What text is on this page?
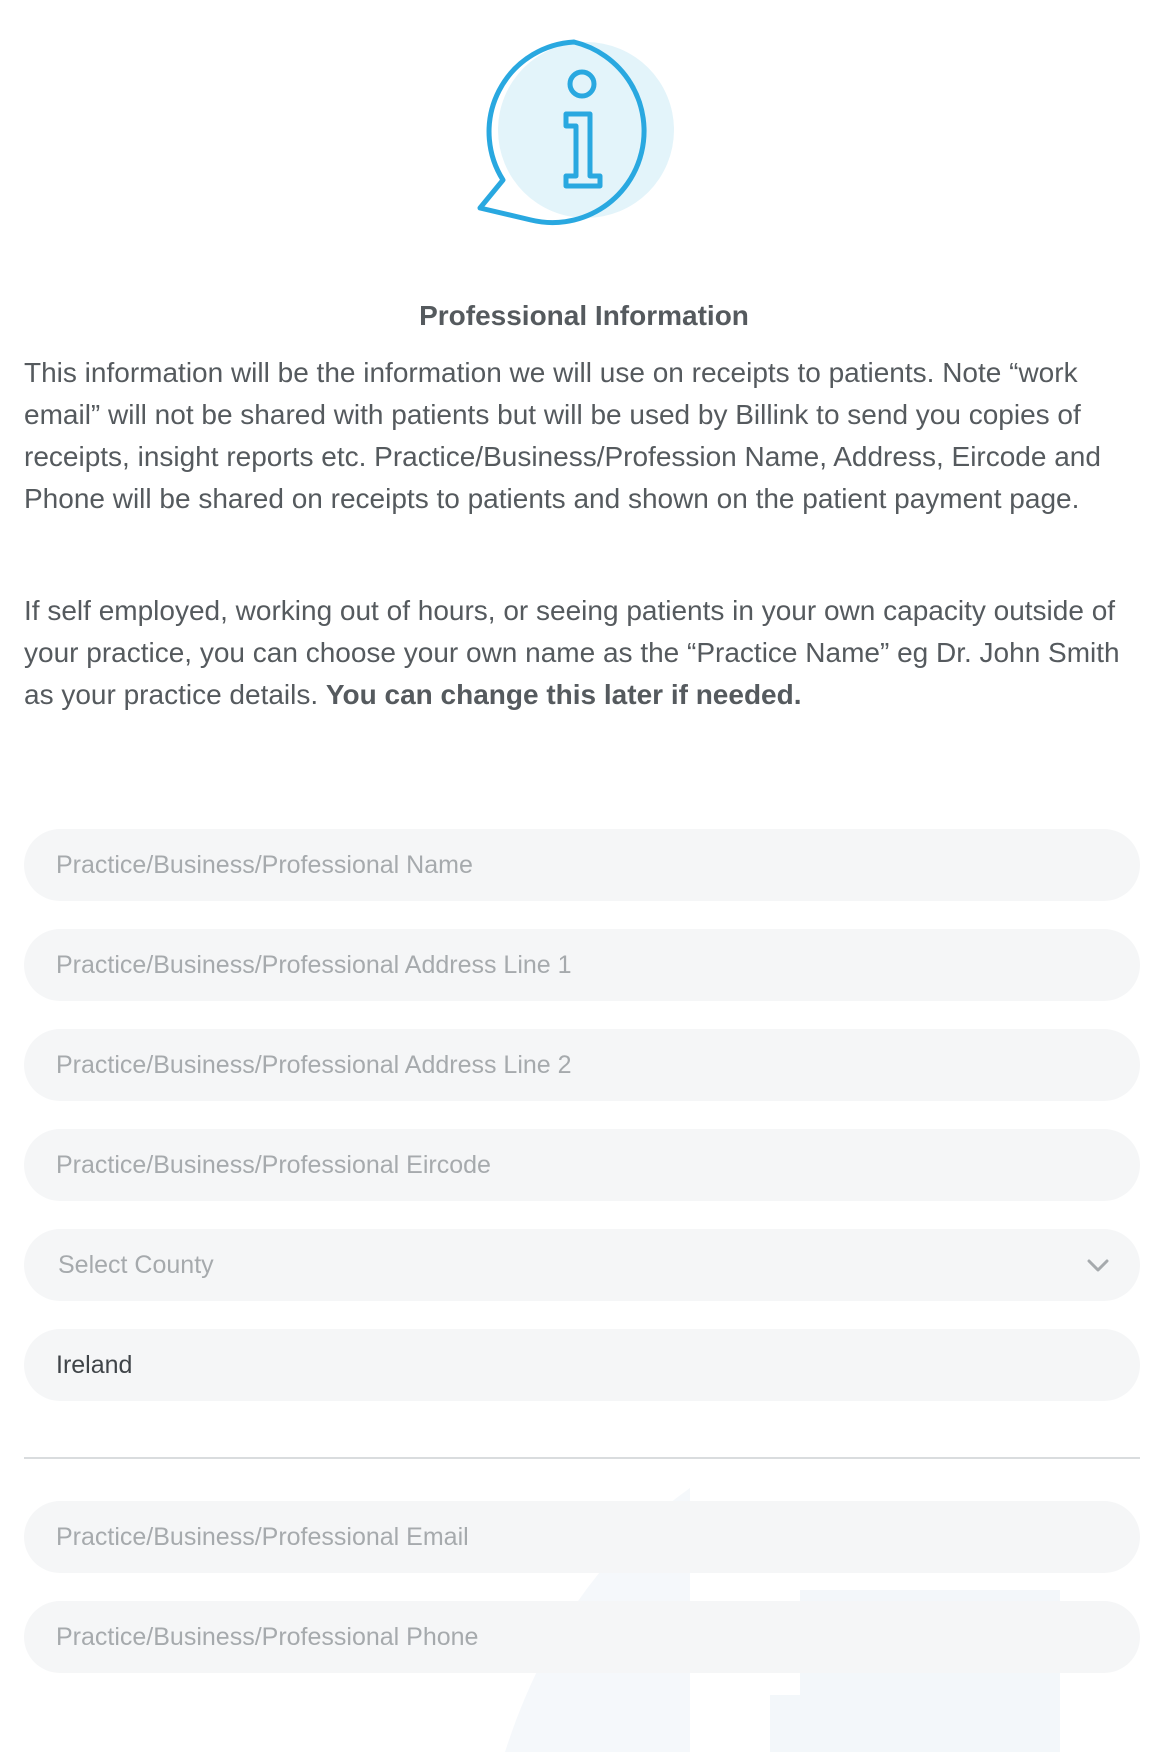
Professional Information

This information will be the information we will use on receipts to patients. Note “work email” will not be shared with patients but will be used by Billink to send you copies of receipts, insight reports etc. Practice/Business/Profession Name, Address, Eircode and Phone will be shared on receipts to patients and shown on the patient payment page.

If self employed, working out of hours, or seeing patients in your own capacity outside of your practice, you can choose your own name as the “Practice Name” eg Dr. John Smith as your practice details. You can change this later if needed.

Practice/Business/Professional Name
Practice/Business/Professional Address Line 1
Practice/Business/Professional Address Line 2
Practice/Business/Professional Eircode
Select County
Ireland
Practice/Business/Professional Email
Practice/Business/Professional Phone
